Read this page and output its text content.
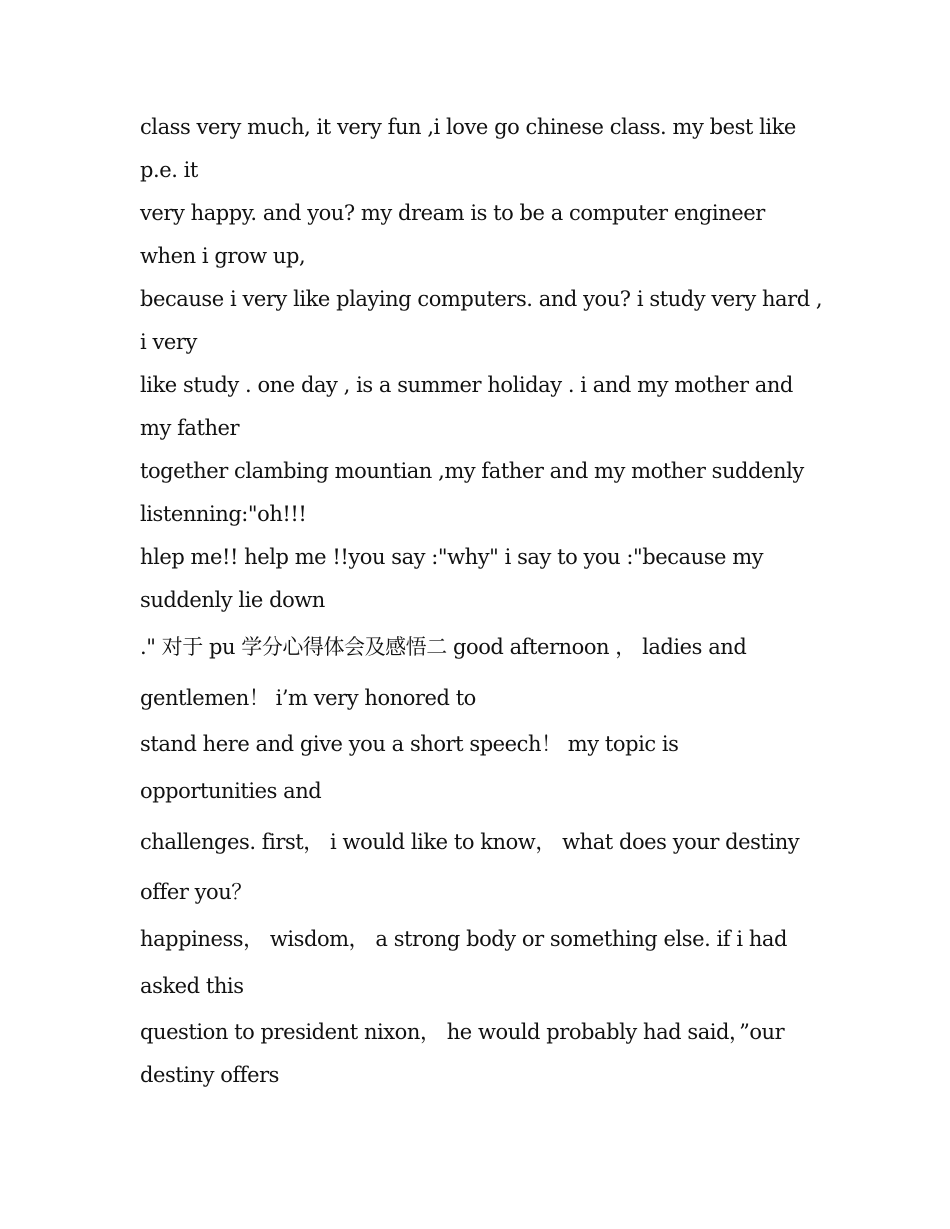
class very much, it very fun ,i love go chinese class. my best like
p.e. it
very happy. and you? my dream is to be a computer engineer
when i grow up,
because i very like playing computers. and you? i study very hard ,
i very
like study . one day , is a summer holiday . i and my mother and
my father
together clambing mountian ,my father and my mother suddenly
listenning:"oh!!!
hlep me!! help me !!you say :"why" i say to you :"because my
suddenly lie down
." 对于 pu 学分心得体会及感悟二 good afternoon ， ladies and
gentlemen！ i’m very honored to
stand here and give you a short speech！ my topic is
opportunities and
challenges. first， i would like to know， what does your destiny
offer you？
happiness， wisdom， a strong body or something else. if i had
asked this
question to president nixon， he would probably had said，”our
destiny offers
